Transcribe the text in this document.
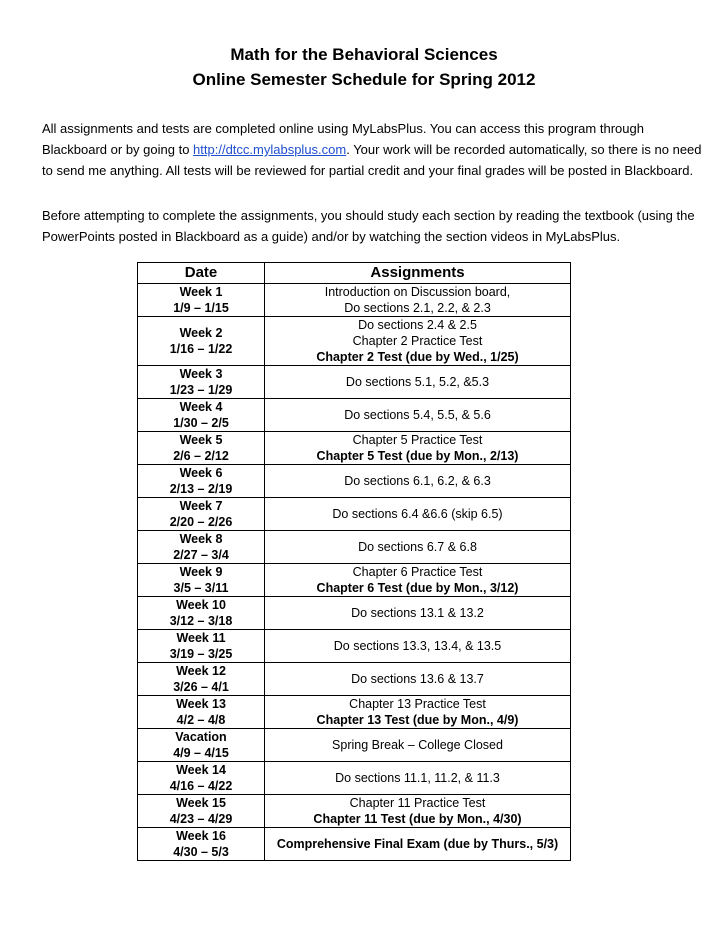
Math for the Behavioral Sciences
Online Semester Schedule for Spring 2012

All assignments and tests are completed online using MyLabsPlus. You can access this program through Blackboard or by going to http://dtcc.mylabsplus.com. Your work will be recorded automatically, so there is no need to send me anything. All tests will be reviewed for partial credit and your final grades will be posted in Blackboard.

Before attempting to complete the assignments, you should study each section by reading the textbook (using the PowerPoints posted in Blackboard as a guide) and/or by watching the section videos in MyLabsPlus.

Date	Assignments

Week 1
1/9 – 1/15	Introduction on Discussion board,
Do sections 2.1, 2.2, & 2.3

Week 2
1/16 – 1/22	Do sections 2.4 & 2.5
Chapter 2 Practice Test
Chapter 2 Test (due by Wed., 1/25)

Week 3
1/23 – 1/29	Do sections 5.1, 5.2, &5.3

Week 4
1/30 – 2/5	Do sections 5.4, 5.5, & 5.6

Week 5
2/6 – 2/12	Chapter 5 Practice Test
Chapter 5 Test (due by Mon., 2/13)

Week 6
2/13 – 2/19	Do sections 6.1, 6.2, & 6.3

Week 7
2/20 – 2/26	Do sections 6.4 &6.6 (skip 6.5)

Week 8
2/27 – 3/4	Do sections 6.7 & 6.8

Week 9
3/5 – 3/11	Chapter 6 Practice Test
Chapter 6 Test (due by Mon., 3/12)

Week 10
3/12 – 3/18	Do sections 13.1 & 13.2

Week 11
3/19 – 3/25	Do sections 13.3, 13.4, & 13.5

Week 12
3/26 – 4/1	Do sections 13.6 & 13.7

Week 13
4/2 – 4/8	Chapter 13 Practice Test
Chapter 13 Test (due by Mon., 4/9)

Vacation
4/9 – 4/15	Spring Break – College Closed

Week 14
4/16 – 4/22	Do sections 11.1, 11.2, & 11.3

Week 15
4/23 – 4/29	Chapter 11 Practice Test
Chapter 11 Test (due by Mon., 4/30)

Week 16
4/30 – 5/3	Comprehensive Final Exam (due by Thurs., 5/3)
